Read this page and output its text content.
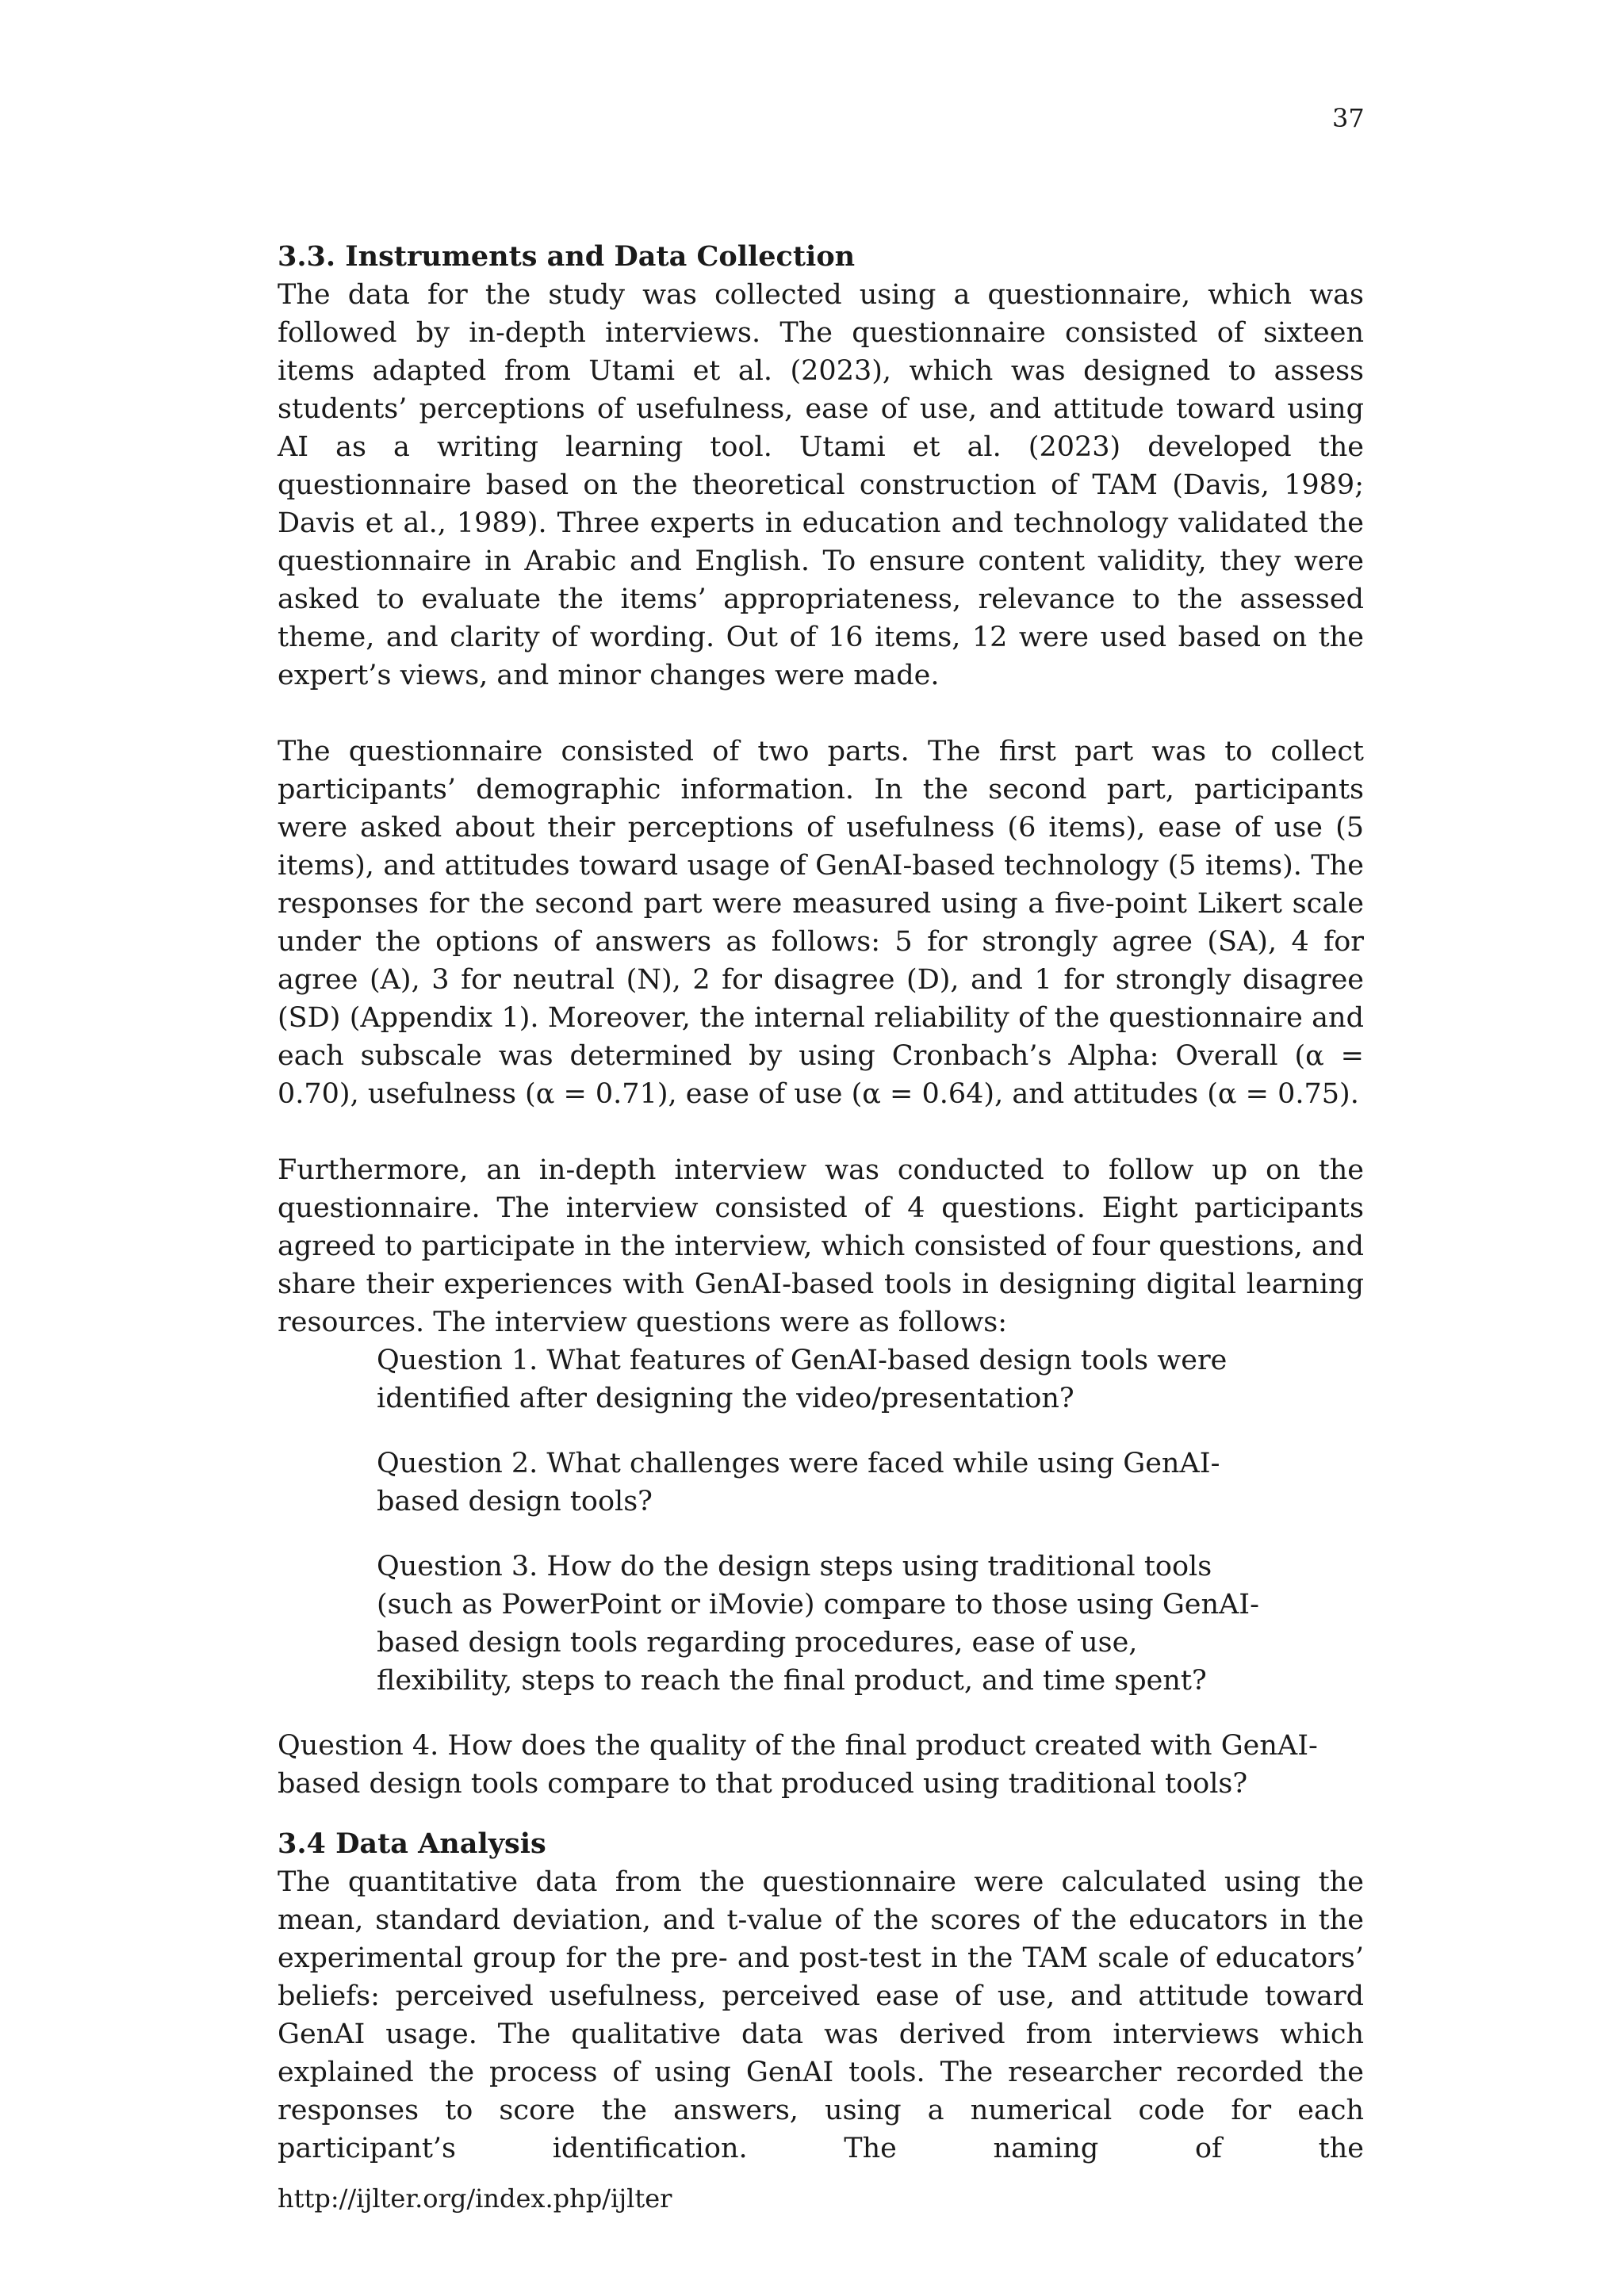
37

3.3. Instruments and Data Collection

The data for the study was collected using a questionnaire, which was followed by in-depth interviews. The questionnaire consisted of sixteen items adapted from Utami et al. (2023), which was designed to assess students’ perceptions of usefulness, ease of use, and attitude toward using AI as a writing learning tool. Utami et al. (2023) developed the questionnaire based on the theoretical construction of TAM (Davis, 1989; Davis et al., 1989). Three experts in education and technology validated the questionnaire in Arabic and English. To ensure content validity, they were asked to evaluate the items’ appropriateness, relevance to the assessed theme, and clarity of wording. Out of 16 items, 12 were used based on the expert’s views, and minor changes were made.

The questionnaire consisted of two parts. The first part was to collect participants’ demographic information. In the second part, participants were asked about their perceptions of usefulness (6 items), ease of use (5 items), and attitudes toward usage of GenAI-based technology (5 items). The responses for the second part were measured using a five-point Likert scale under the options of answers as follows: 5 for strongly agree (SA), 4 for agree (A), 3 for neutral (N), 2 for disagree (D), and 1 for strongly disagree (SD) (Appendix 1). Moreover, the internal reliability of the questionnaire and each subscale was determined by using Cronbach’s Alpha: Overall (α = 0.70), usefulness (α = 0.71), ease of use (α = 0.64), and attitudes (α = 0.75).

Furthermore, an in-depth interview was conducted to follow up on the questionnaire. The interview consisted of 4 questions. Eight participants agreed to participate in the interview, which consisted of four questions, and share their experiences with GenAI-based tools in designing digital learning resources. The interview questions were as follows:

Question 1. What features of GenAI-based design tools were identified after designing the video/presentation?

Question 2. What challenges were faced while using GenAI-based design tools?

Question 3. How do the design steps using traditional tools (such as PowerPoint or iMovie) compare to those using GenAI-based design tools regarding procedures, ease of use, flexibility, steps to reach the final product, and time spent?

Question 4. How does the quality of the final product created with GenAI-based design tools compare to that produced using traditional tools?

3.4 Data Analysis

The quantitative data from the questionnaire were calculated using the mean, standard deviation, and t-value of the scores of the educators in the experimental group for the pre- and post-test in the TAM scale of educators’ beliefs: perceived usefulness, perceived ease of use, and attitude toward GenAI usage. The qualitative data was derived from interviews which explained the process of using GenAI tools. The researcher recorded the responses to score the answers, using a numerical code for each participant’s identification. The naming of the

http://ijlter.org/index.php/ijlter
